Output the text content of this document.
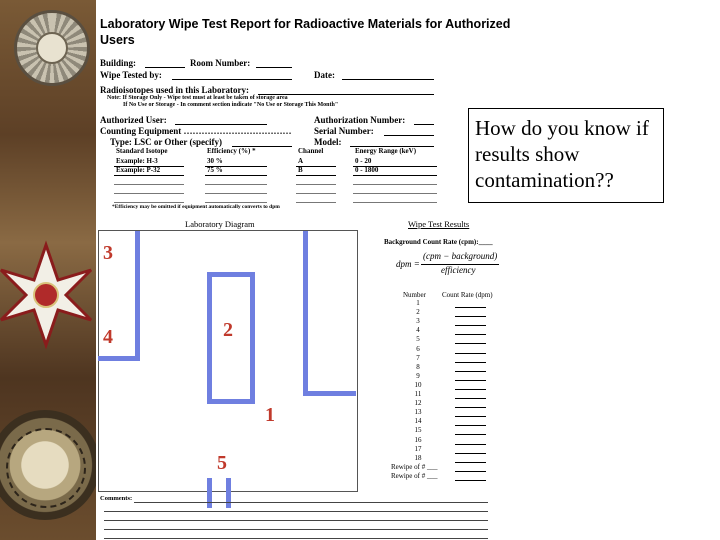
Laboratory Wipe Test Report for Radioactive Materials for Authorized Users
Building:	Room Number:
Wipe Tested by:	Date:
Radioisotopes used in this Laboratory:
Note: If Storage Only - Wipe test must at least be taken of storage area
If No Use or Storage - In comment section indicate "No Use or Storage This Month"
Authorized User:	Authorization Number:
Counting Equipment ……………………………… Serial Number:
Type: LSC or Other (specify)	Model:
Standard Isotope	Efficiency (%) *	Channel	Energy Range (keV)
Example: H-3	30 %	A	0 - 20
Example: P-32	75 %	B	0 - 1800
*Efficiency may be omitted if equipment automatically converts to dpm
Laboratory Diagram	Wipe Test Results
3
4	2
1
5
Background Count Rate (cpm):____
dpm =
(cpm − background)
efficiency
Number Count Rate (dpm)
1
2
3
4
5
6
7
8
9
10
11
12
13
14
15
16
17
18
Rewipe of # ___
Rewipe of # ___
How do you know if results show contamination??
Comments:
